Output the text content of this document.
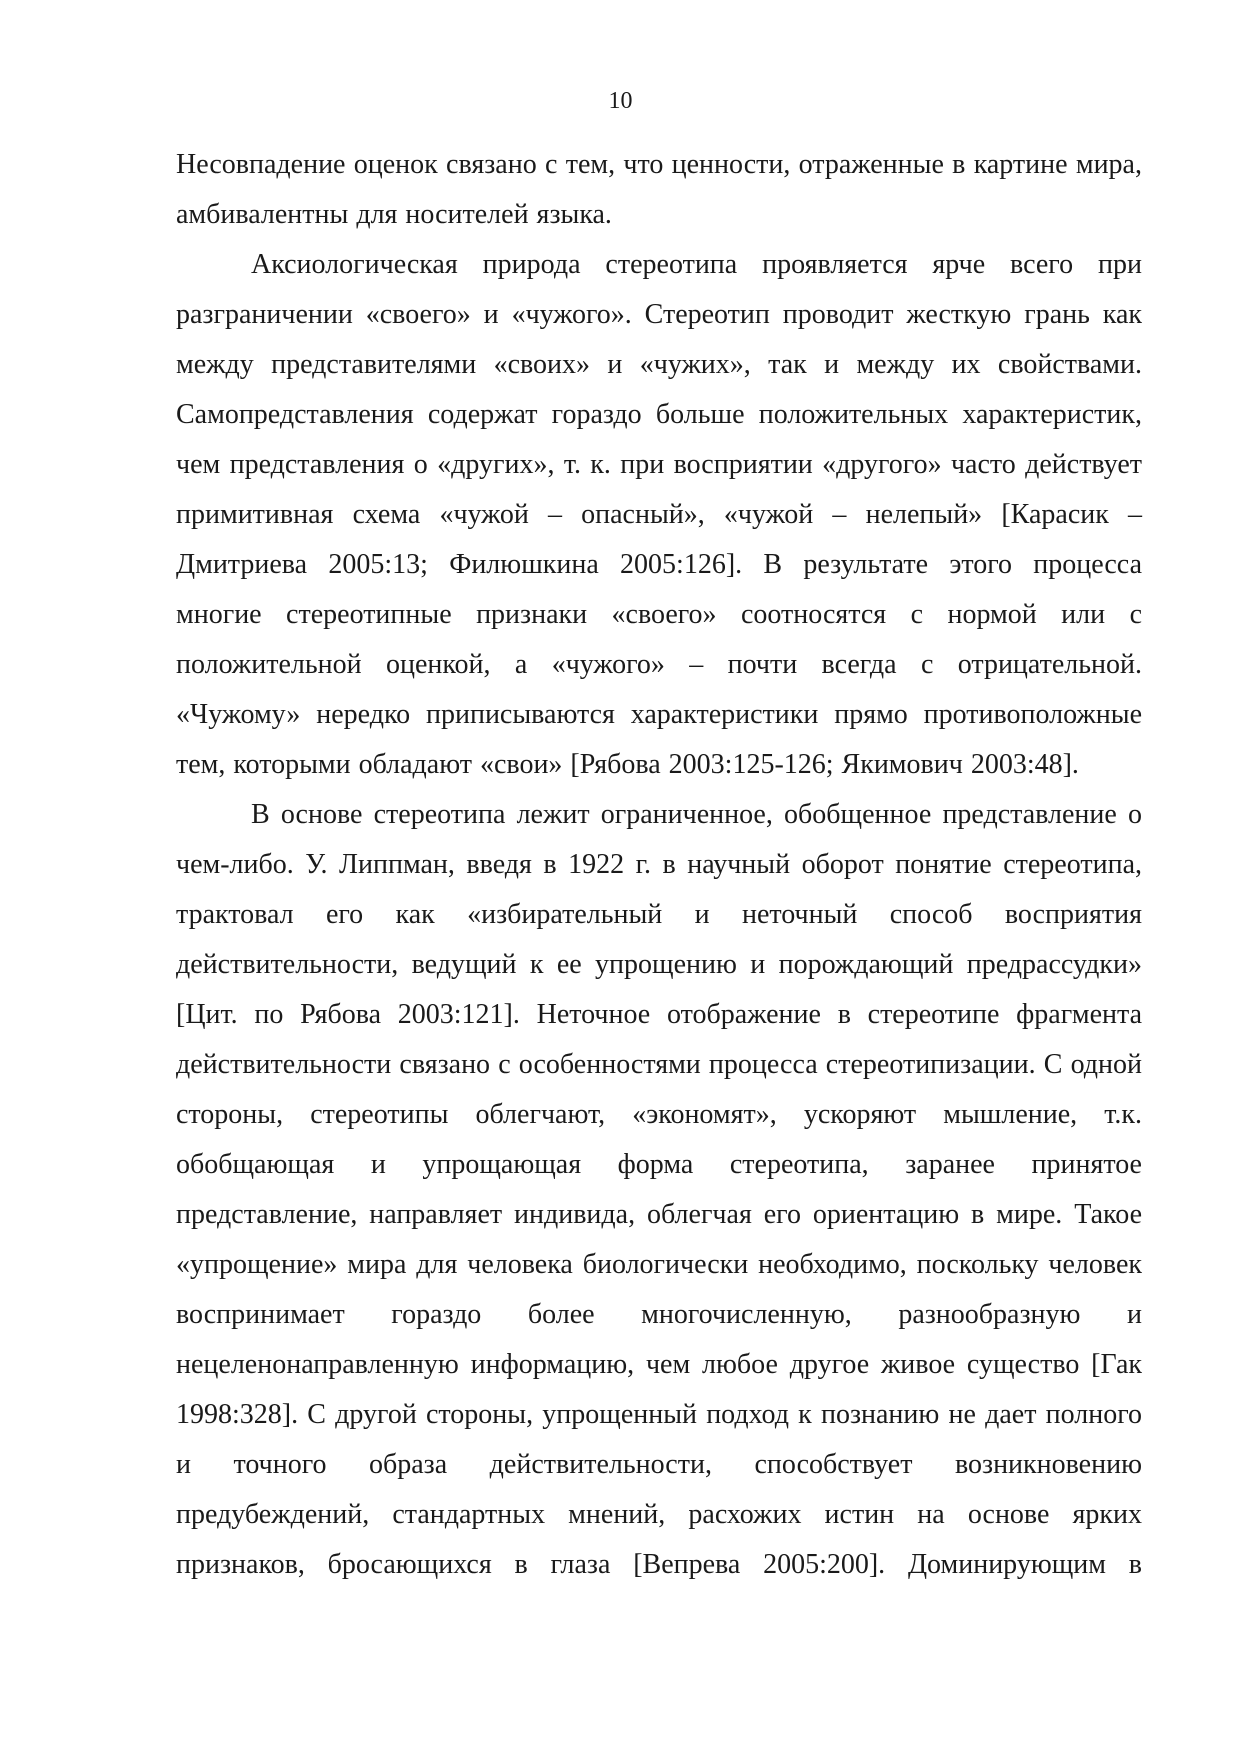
10

Несовпадение оценок связано с тем, что ценности, отраженные в картине мира, амбивалентны для носителей языка.

Аксиологическая природа стереотипа проявляется ярче всего при разграничении «своего» и «чужого». Стереотип проводит жесткую грань как между представителями «своих» и «чужих», так и между их свойствами. Самопредставления содержат гораздо больше положительных характеристик, чем представления о «других», т. к. при восприятии «другого» часто действует примитивная схема «чужой – опасный», «чужой – нелепый» [Карасик – Дмитриева 2005:13; Филюшкина 2005:126]. В результате этого процесса многие стереотипные признаки «своего» соотносятся с нормой или с положительной оценкой, а «чужого» – почти всегда с отрицательной. «Чужому» нередко приписываются характеристики прямо противоположные тем, которыми обладают «свои» [Рябова 2003:125-126; Якимович 2003:48].

В основе стереотипа лежит ограниченное, обобщенное представление о чем-либо. У. Липпман, введя в 1922 г. в научный оборот понятие стереотипа, трактовал его как «избирательный и неточный способ восприятия действительности, ведущий к ее упрощению и порождающий предрассудки» [Цит. по Рябова 2003:121]. Неточное отображение в стереотипе фрагмента действительности связано с особенностями процесса стереотипизации. С одной стороны, стереотипы облегчают, «экономят», ускоряют мышление, т.к. обобщающая и упрощающая форма стереотипа, заранее принятое представление, направляет индивида, облегчая его ориентацию в мире. Такое «упрощение» мира для человека биологически необходимо, поскольку человек воспринимает гораздо более многочисленную, разнообразную и нецеленонаправленную информацию, чем любое другое живое существо [Гак 1998:328]. С другой стороны, упрощенный подход к познанию не дает полного и точного образа действительности, способствует возникновению предубеждений, стандартных мнений, расхожих истин на основе ярких признаков, бросающихся в глаза [Вепрева 2005:200]. Доминирующим в
